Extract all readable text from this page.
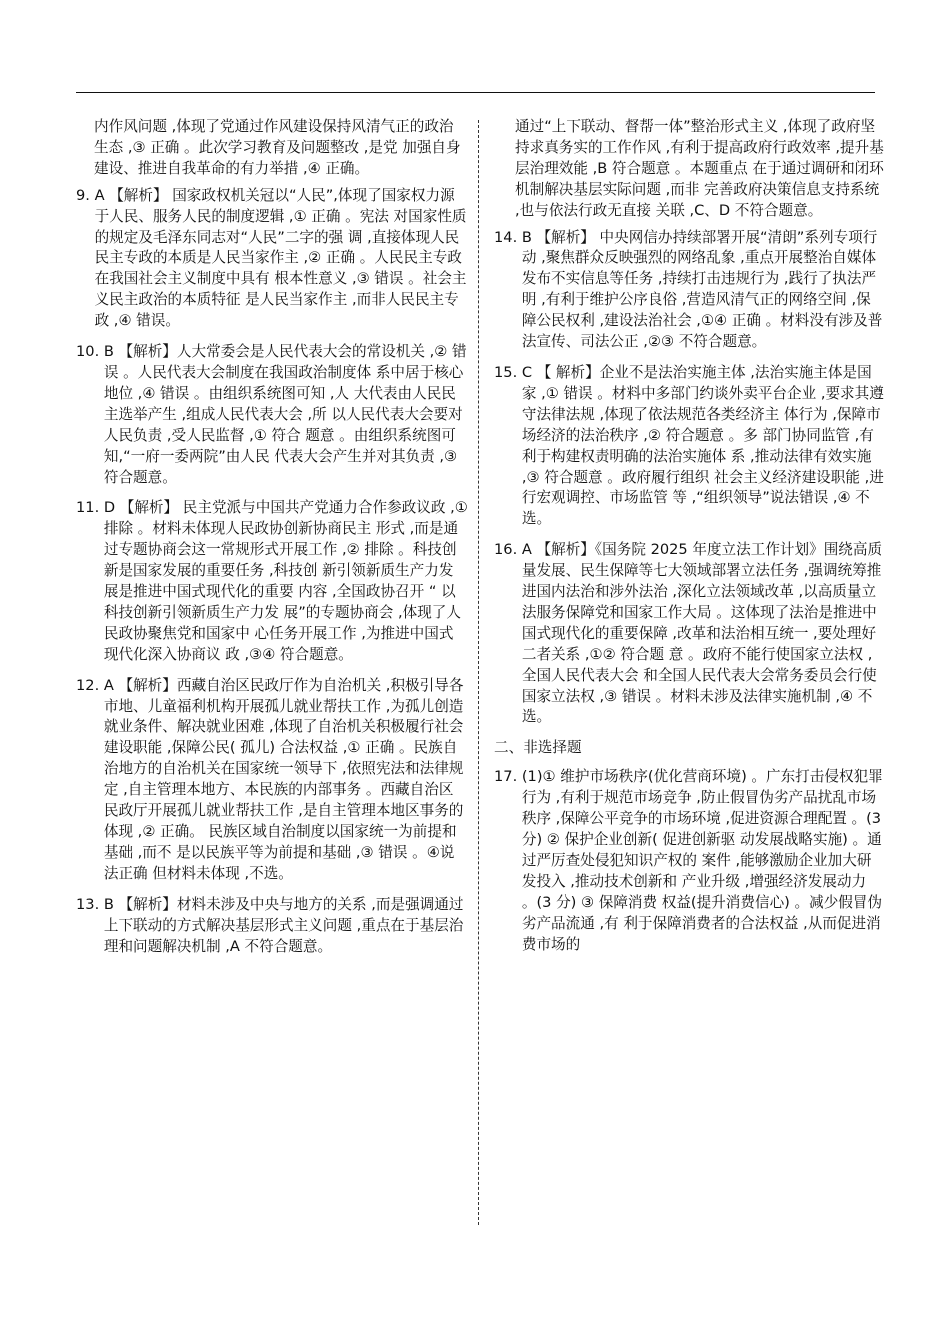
内作风问题 ,体现了党通过作风建设保持风清气正的政治生态 ,③ 正确 。此次学习教育及问题整改 ,是党 加强自身建设、推进自我革命的有力举措 ,④ 正确。
9. A 【解析】 国家政权机关冠以“人民”,体现了国家权力源于人民、服务人民的制度逻辑 ,① 正确 。宪法 对国家性质的规定及毛泽东同志对“人民”二字的强 调 ,直接体现人民民主专政的本质是人民当家作主 ,② 正确 。人民民主专政在我国社会主义制度中具有 根本性意义 ,③ 错误 。社会主义民主政治的本质特征 是人民当家作主 ,而非人民民主专政 ,④ 错误。
10. B 【解析】人大常委会是人民代表大会的常设机关 ,② 错误 。人民代表大会制度在我国政治制度体 系中居于核心地位 ,④ 错误 。由组织系统图可知 ,人 大代表由人民民主选举产生 ,组成人民代表大会 ,所 以人民代表大会要对人民负责 ,受人民监督 ,① 符合 题意 。由组织系统图可知,“一府一委两院”由人民 代表大会产生并对其负责 ,③ 符合题意。
11. D 【解析】 民主党派与中国共产党通力合作参政议政 ,① 排除 。材料未体现人民政协创新协商民主 形式 ,而是通过专题协商会这一常规形式开展工作 ,② 排除 。科技创新是国家发展的重要任务 ,科技创 新引领新质生产力发展是推进中国式现代化的重要 内容 ,全国政协召开 “ 以科技创新引领新质生产力发 展”的专题协商会 ,体现了人民政协聚焦党和国家中 心任务开展工作 ,为推进中国式现代化深入协商议 政 ,③④ 符合题意。
12. A 【解析】西藏自治区民政厅作为自治机关 ,积极引导各市地、儿童福利机构开展孤儿就业帮扶工作 ,为孤儿创造就业条件、解决就业困难 ,体现了自治机关积极履行社会建设职能 ,保障公民( 孤儿) 合法权益 ,① 正确 。民族自治地方的自治机关在国家统一领导下 ,依照宪法和法律规定 ,自主管理本地方、本民族的内部事务 。西藏自治区民政厅开展孤儿就业帮扶工作 ,是自主管理本地区事务的体现 ,② 正确。 民族区域自治制度以国家统一为前提和基础 ,而不 是以民族平等为前提和基础 ,③ 错误 。④说法正确 但材料未体现 ,不选。
13. B 【解析】材料未涉及中央与地方的关系 ,而是强调通过上下联动的方式解决基层形式主义问题 ,重点在于基层治理和问题解决机制 ,A 不符合题意。
通过“上下联动、督帮一体”整治形式主义 ,体现了政府坚持求真务实的工作作风 ,有利于提高政府行政效率 ,提升基层治理效能 ,B 符合题意 。本题重点 在于通过调研和闭环机制解决基层实际问题 ,而非 完善政府决策信息支持系统 ,也与依法行政无直接 关联 ,C、D 不符合题意。
14. B 【解析】 中央网信办持续部署开展“清朗”系列专项行动 ,聚焦群众反映强烈的网络乱象 ,重点开展整治自媒体发布不实信息等任务 ,持续打击违规行为 ,践行了执法严明 ,有利于维护公序良俗 ,营造风清气正的网络空间 ,保障公民权利 ,建设法治社会 ,①④ 正确 。材料没有涉及普法宣传、司法公正 ,②③ 不符合题意。
15. C 【 解析】企业不是法治实施主体 ,法治实施主体是国家 ,① 错误 。材料中多部门约谈外卖平台企业 ,要求其遵守法律法规 ,体现了依法规范各类经济主 体行为 ,保障市场经济的法治秩序 ,② 符合题意 。多 部门协同监管 ,有利于构建权责明确的法治实施体 系 ,推动法律有效实施 ,③ 符合题意 。政府履行组织 社会主义经济建设职能 ,进行宏观调控、市场监管 等 ,“组织领导”说法错误 ,④ 不选。
16. A 【解析】《国务院 2025 年度立法工作计划》围绕高质量发展、民生保障等七大领域部署立法任务 ,强调统筹推进国内法治和涉外法治 ,深化立法领域改革 ,以高质量立法服务保障党和国家工作大局 。这体现了法治是推进中国式现代化的重要保障 ,改革和法治相互统一 ,要处理好二者关系 ,①② 符合题 意 。政府不能行使国家立法权 ,全国人民代表大会 和全国人民代表大会常务委员会行使国家立法权 ,③ 错误 。材料未涉及法律实施机制 ,④ 不选。
二、非选择题
17. (1)① 维护市场秩序(优化营商环境) 。广东打击侵权犯罪行为 ,有利于规范市场竞争 ,防止假冒伪劣产品扰乱市场秩序 ,保障公平竞争的市场环境 ,促进资源合理配置 。(3 分) ② 保护企业创新( 促进创新驱 动发展战略实施) 。通过严厉查处侵犯知识产权的 案件 ,能够激励企业加大研发投入 ,推动技术创新和 产业升级 ,增强经济发展动力 。(3 分) ③ 保障消费 权益(提升消费信心) 。减少假冒伪劣产品流通 ,有 利于保障消费者的合法权益 ,从而促进消费市场的
